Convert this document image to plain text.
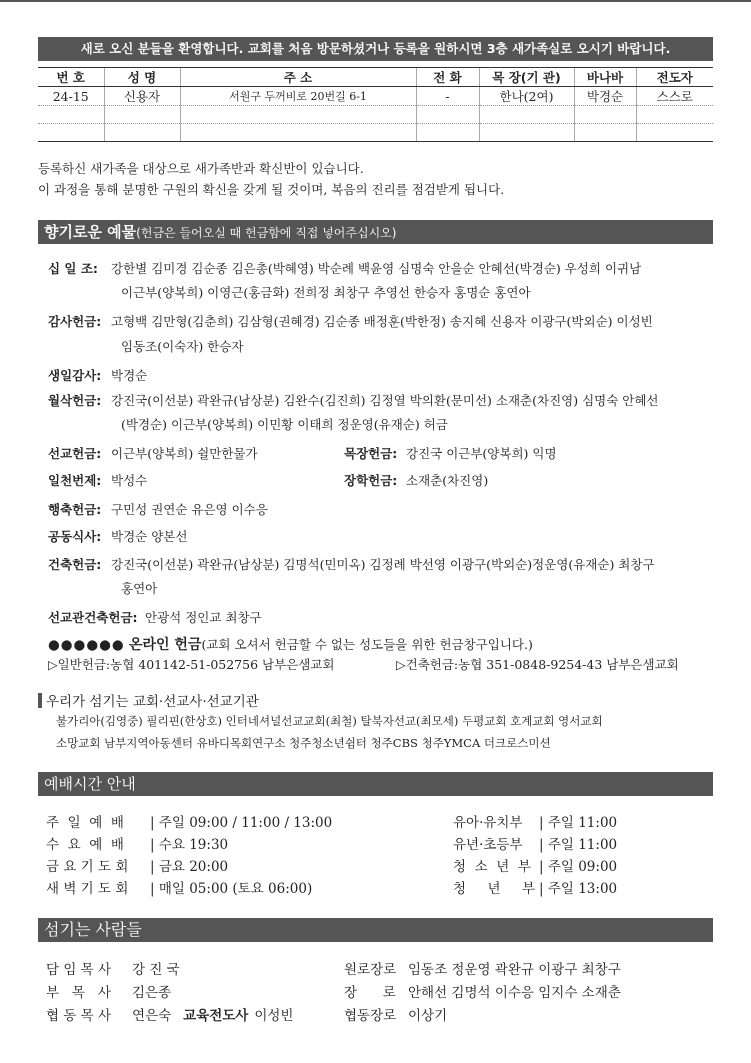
새로 오신 분들을 환영합니다. 교회를 처음 방문하셨거나 등록을 원하시면 3층 새가족실로 오시기 바랍니다.
번 호	성 명	주 소	전 화	목 장(기 관)	바나바	전도자
24-15	신용자	서원구 두꺼비로 20번길 6-1	-	한나(2여)	박경순	스스로

등록하신 새가족을 대상으로 새가족반과 확신반이 있습니다.
이 과정을 통해 분명한 구원의 확신을 갖게 될 것이며, 복음의 진리를 점검받게 됩니다.
향기로운 예물(헌금은 들어오실 때 헌금함에 직접 넣어주십시오)
십 일 조: 강한별 김미경 김순종 김은총(박혜영) 박순례 백윤영 심명숙 안을순 안혜선(박경순) 우성희 이귀남
이근부(양복희) 이영근(홍금화) 전희정 최창구 추영선 한승자 홍명순 홍연아
감사헌금: 고형백 김만형(김춘희) 김삼형(권혜경) 김순종 배정훈(박한정) 송지혜 신용자 이광구(박외순) 이성빈
임동조(이숙자) 한승자
생일감사: 박경순
월삭헌금: 강진국(이선분) 곽완규(남상분) 김완수(김진희) 김정열 박의환(문미선) 소재춘(차진영) 심명숙 안혜선
(박경순) 이근부(양복희) 이민황 이태희 정운영(유재순) 허금
선교헌금: 이근부(양복희) 쉴만한물가	목장헌금: 강진국 이근부(양복희) 익명
일천번제: 박성수	장학헌금: 소재춘(차진영)
행축헌금: 구민성 권연순 유은영 이수응
공동식사: 박경순 양본선
건축헌금: 강진국(이선분) 곽완규(남상분) 김명석(민미옥) 김정례 박선영 이광구(박외순)정운영(유재순) 최창구
홍연아
선교관건축헌금: 안광석 정인교 최창구
●●●●●● 온라인 헌금(교회 오셔서 헌금할 수 없는 성도들을 위한 헌금창구입니다.)
▷일반헌금:농협 401142-51-052756 남부은샘교회	▷건축헌금:농협 351-0848-9254-43 남부은샘교회
우리가 섬기는 교회·선교사·선교기관
불가리아(김영중) 필리핀(한상호) 인터네셔널선교교회(최철) 탈북자선교(최모세) 두평교회 호계교회 영서교회
소망교회 남부지역아동센터 유바디목회연구소 청주청소년쉼터 청주CBS 청주YMCA 더크로스미션
예배시간 안내
주  일  예  배 | 주일 09:00 / 11:00 / 13:00
수  요  예  배 | 수요 19:30
금 요 기 도 회 | 금요 20:00
새 벽 기 도 회 | 매일 05:00 (토요 06:00)
유아·유치부 | 주일 11:00
유년·초등부 | 주일 11:00
청  소  년  부 | 주일 09:00
청     년     부 | 주일 13:00
섬기는 사람들
담 임 목 사 강 진 국
부   목   사 김은종
협 동 목 사 연은숙 교육전도사 이성빈
원로장로 임동조 정운영 곽완규 이광구 최창구
장      로 안해선 김명석 이수응 임지수 소재춘
협동장로 이상기
